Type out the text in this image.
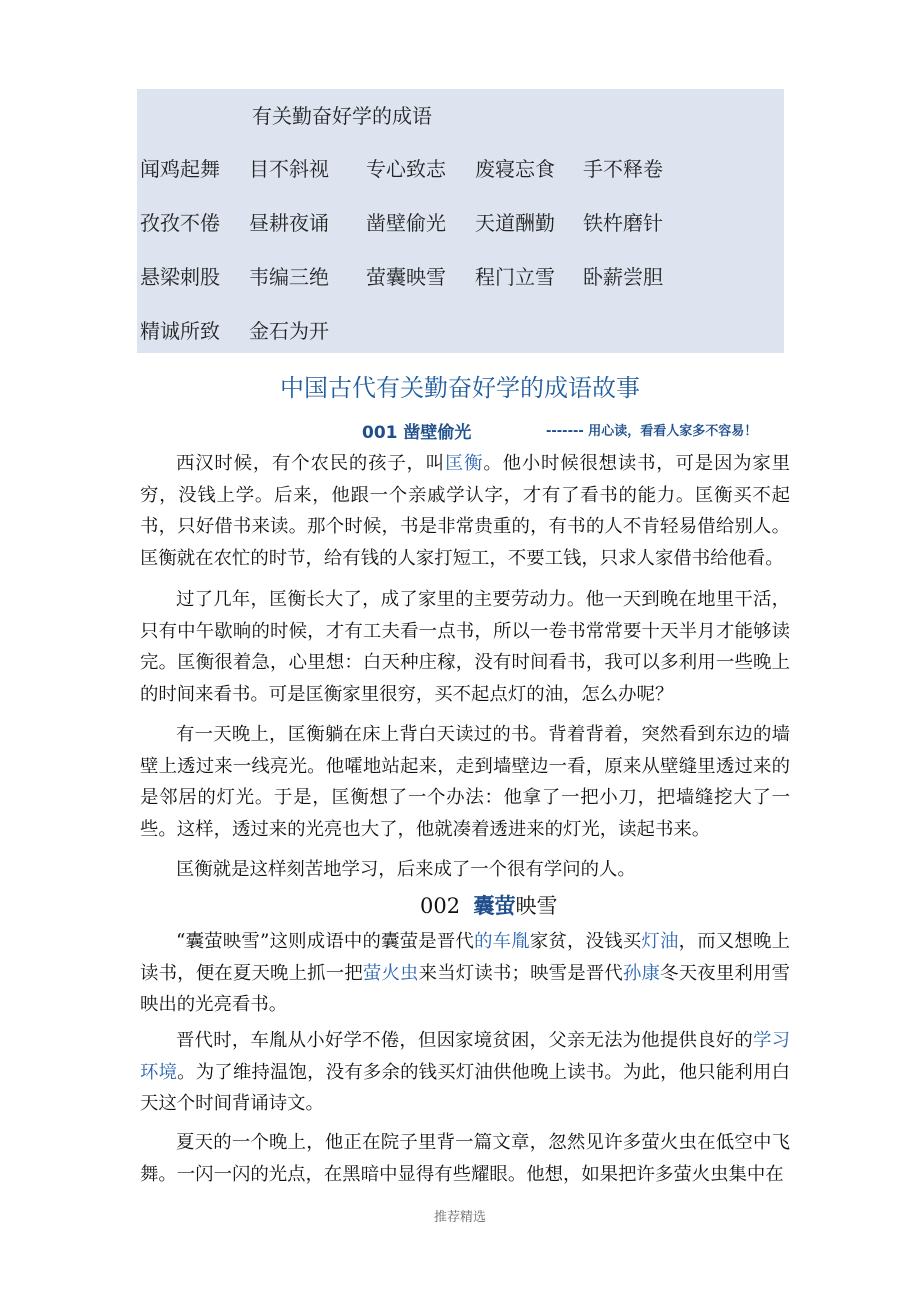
有关勤奋好学的成语
闻鸡起舞 目不斜视 专心致志 废寝忘食 手不释卷
孜孜不倦 昼耕夜诵 凿壁偷光 天道酬勤 铁杵磨针
悬梁刺股 韦编三绝 萤囊映雪 程门立雪 卧薪尝胆
精诚所致 金石为开
中国古代有关勤奋好学的成语故事
001 凿壁偷光	------- 用心读，看看人家多不容易！

西汉时候，有个农民的孩子，叫匡衡。他小时候很想读书，可是因为家里穷，没钱上学。后来，他跟一个亲戚学认字，才有了看书的能力。匡衡买不起书，只好借书来读。那个时候，书是非常贵重的，有书的人不肯轻易借给别人。匡衡就在农忙的时节，给有钱的人家打短工，不要工钱，只求人家借书给他看。

过了几年，匡衡长大了，成了家里的主要劳动力。他一天到晚在地里干活，只有中午歇晌的时候，才有工夫看一点书，所以一卷书常常要十天半月才能够读完。匡衡很着急，心里想：白天种庄稼，没有时间看书，我可以多利用一些晚上的时间来看书。可是匡衡家里很穷，买不起点灯的油，怎么办呢？

有一天晚上，匡衡躺在床上背白天读过的书。背着背着，突然看到东边的墙壁上透过来一线亮光。他嚯地站起来，走到墙壁边一看，原来从壁缝里透过来的是邻居的灯光。于是，匡衡想了一个办法：他拿了一把小刀，把墙缝挖大了一些。这样，透过来的光亮也大了，他就凑着透进来的灯光，读起书来。

匡衡就是这样刻苦地学习，后来成了一个很有学问的人。

002 囊萤映雪

“囊萤映雪”这则成语中的囊萤是晋代的车胤家贫，没钱买灯油，而又想晚上读书，便在夏天晚上抓一把萤火虫来当灯读书；映雪是晋代孙康冬天夜里利用雪映出的光亮看书。

晋代时，车胤从小好学不倦，但因家境贫困，父亲无法为他提供良好的学习环境。为了维持温饱，没有多余的钱买灯油供他晚上读书。为此，他只能利用白天这个时间背诵诗文。

夏天的一个晚上，他正在院子里背一篇文章，忽然见许多萤火虫在低空中飞舞。一闪一闪的光点，在黑暗中显得有些耀眼。他想，如果把许多萤火虫集中在

推荐精选
